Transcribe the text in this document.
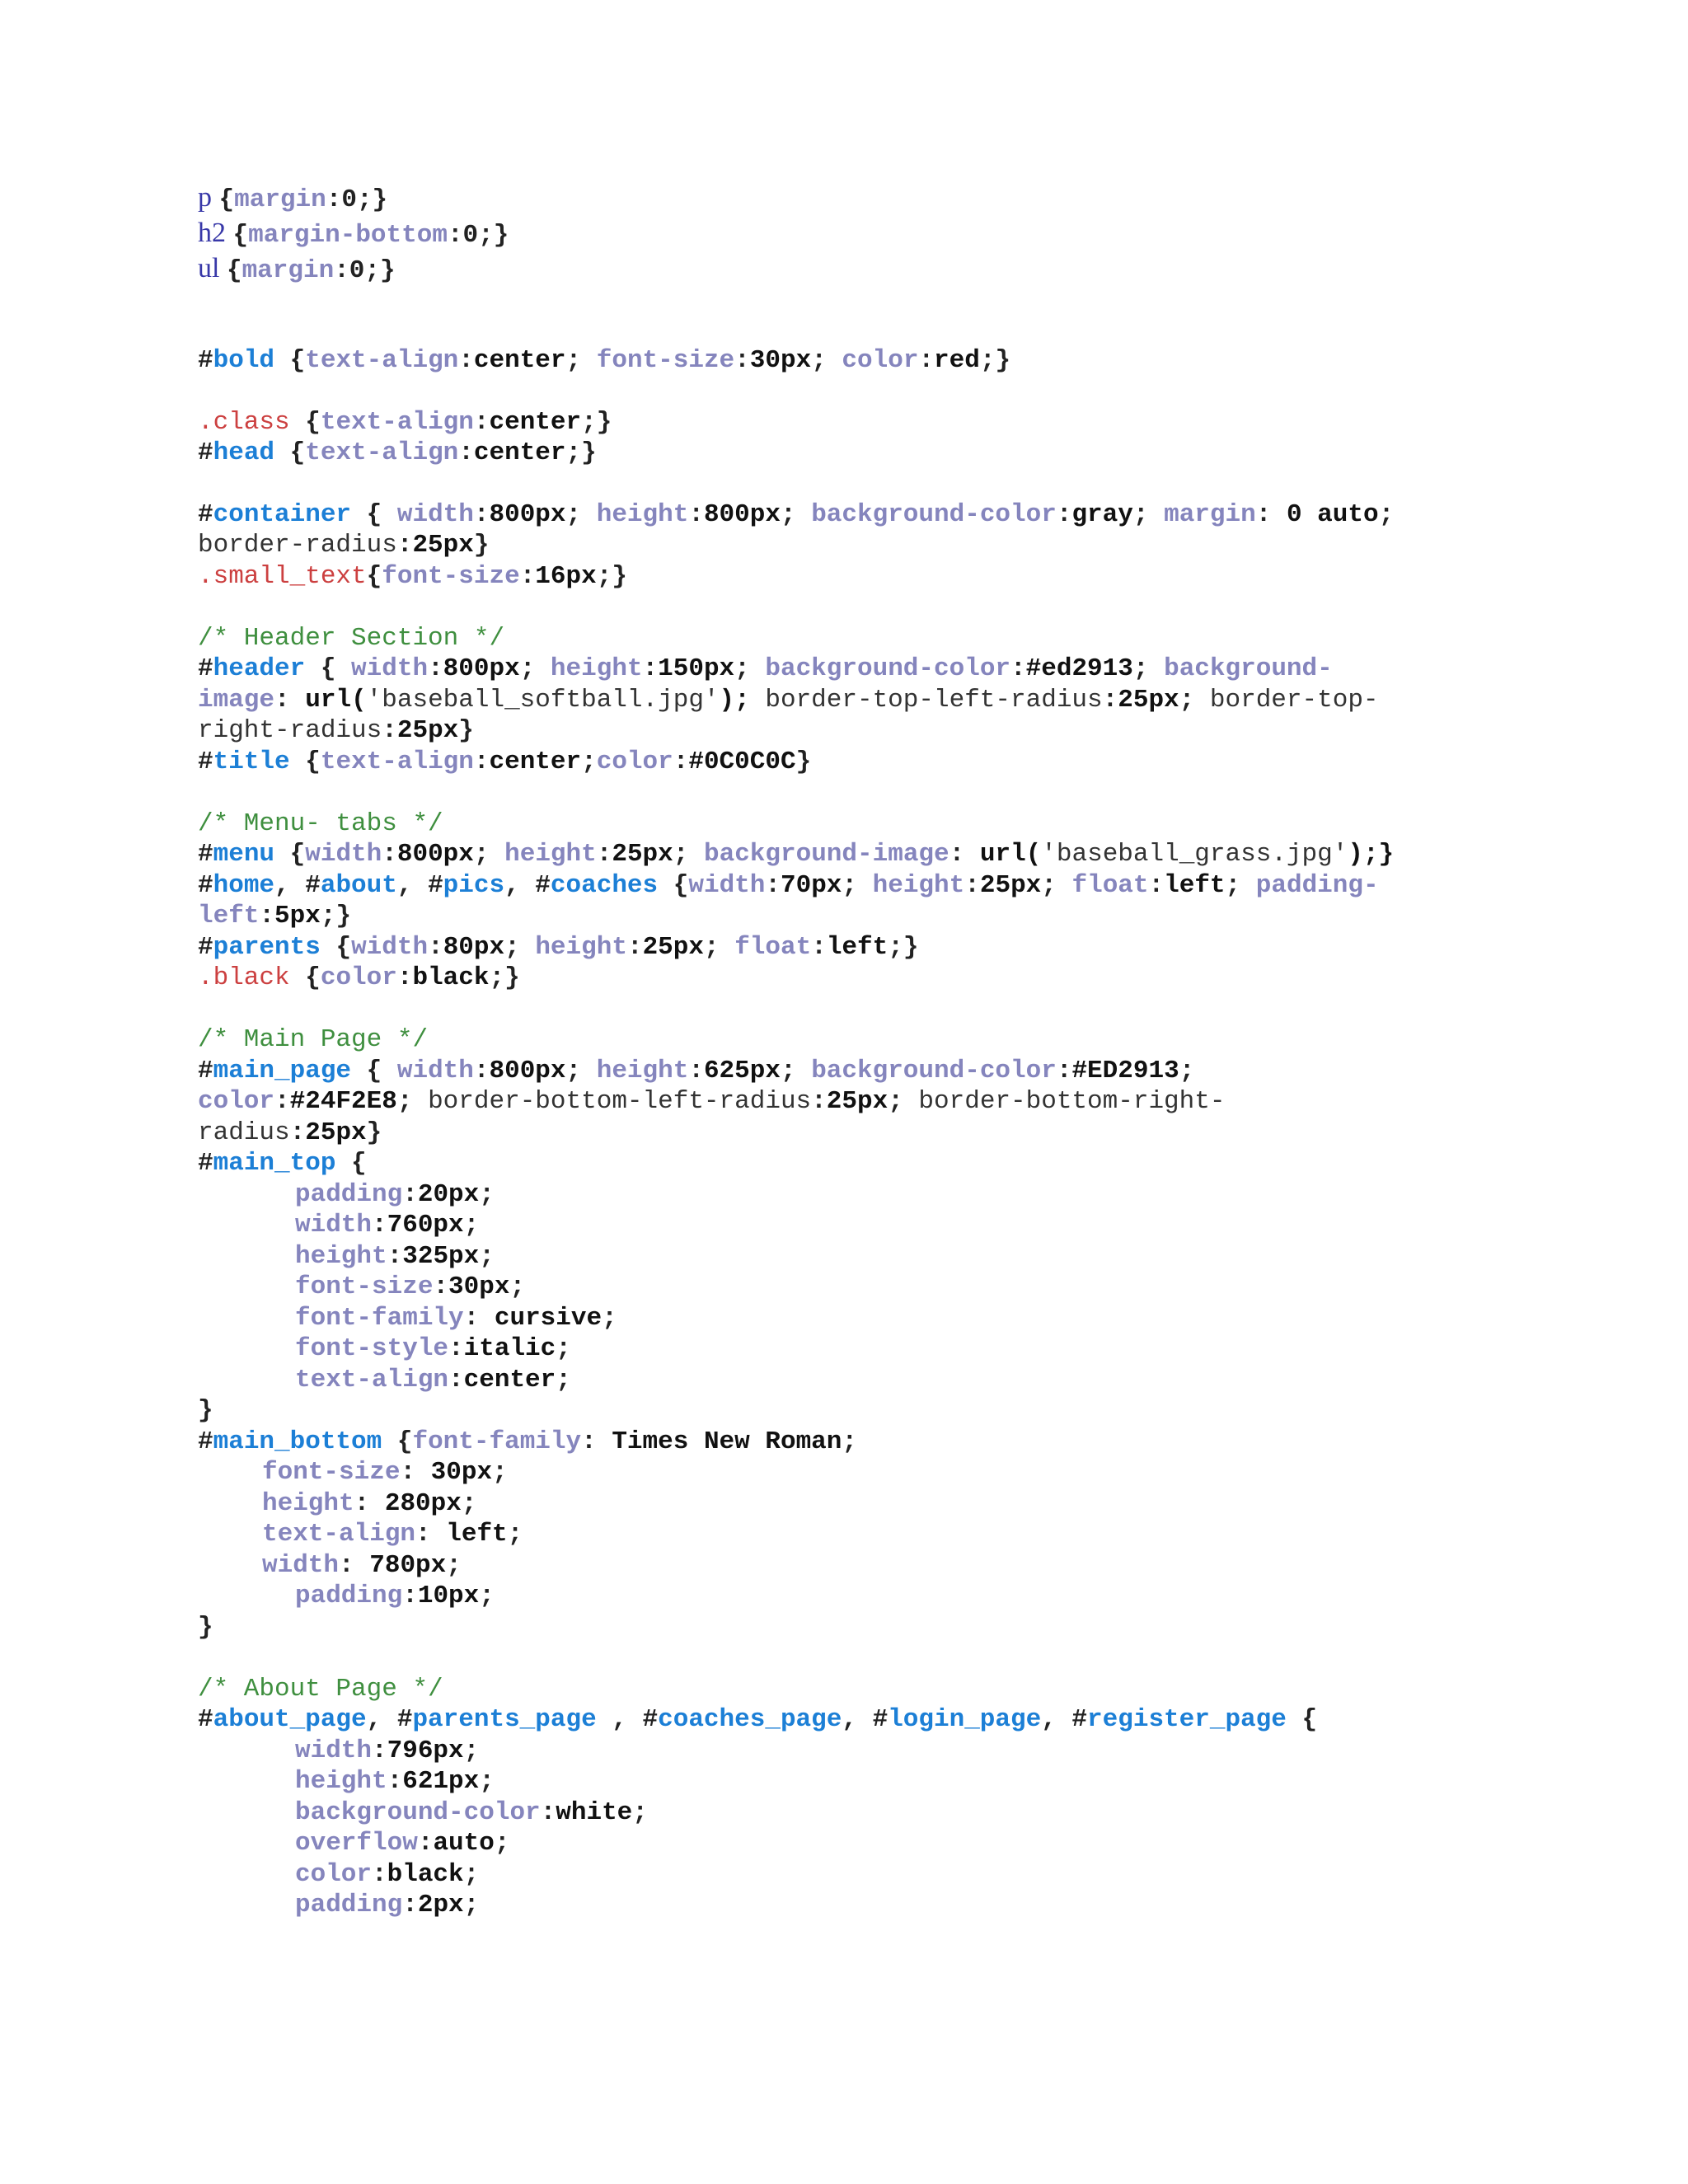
p {margin:0;}
h2 {margin-bottom:0;}
ul {margin:0;}
#bold {text-align:center; font-size:30px; color:red;}
.class {text-align:center;}
#head {text-align:center;}
#container { width:800px; height:800px; background-color:gray; margin: 0 auto;
border-radius:25px}
.small_text{font-size:16px;}
/* Header Section */
#header { width:800px; height:150px; background-color:#ed2913; background-
image: url('baseball_softball.jpg'); border-top-left-radius:25px; border-top-
right-radius:25px}
#title {text-align:center;color:#0C0C0C}
/* Menu- tabs */
#menu {width:800px; height:25px; background-image: url('baseball_grass.jpg');}
#home, #about, #pics, #coaches {width:70px; height:25px; float:left; padding-
left:5px;}
#parents {width:80px; height:25px; float:left;}
.black {color:black;}
/* Main Page */
#main_page { width:800px; height:625px; background-color:#ED2913;
color:#24F2E8; border-bottom-left-radius:25px; border-bottom-right-
radius:25px}
#main_top {
padding:20px;
width:760px;
height:325px;
font-size:30px;
font-family: cursive;
font-style:italic;
text-align:center;
}
#main_bottom {font-family: Times New Roman;
font-size: 30px;
height: 280px;
text-align: left;
width: 780px;
padding:10px;
}
/* About Page */
#about_page, #parents_page , #coaches_page, #login_page, #register_page {
width:796px;
height:621px;
background-color:white;
overflow:auto;
color:black;
padding:2px;
